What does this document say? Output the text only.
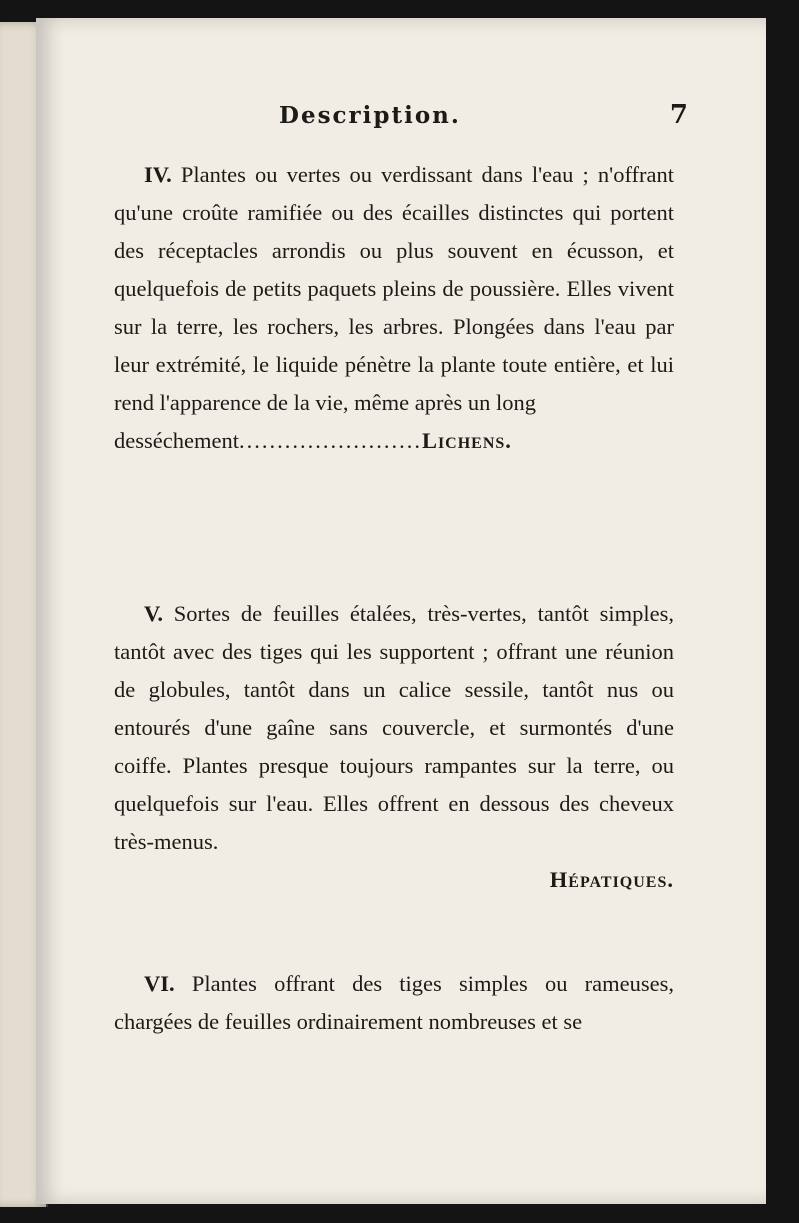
Description.	7
IV. Plantes ou vertes ou verdissant dans l'eau ; n'offrant qu'une croûte ramifiée ou des écailles distinctes qui portent des réceptacles arrondis ou plus souvent en écusson, et quelquefois de petits paquets pleins de poussière. Elles vivent sur la terre, les rochers, les arbres. Plongées dans l'eau par leur extrémité, le liquide pénètre la plante toute entière, et lui rend l'apparence de la vie, même après un long
desséchement........................Lichens.
V. Sortes de feuilles étalées, très-vertes, tantôt simples, tantôt avec des tiges qui les supportent ; offrant une réunion de globules, tantôt dans un calice sessile, tantôt nus ou entourés d'une gaîne sans couvercle, et surmontés d'une coiffe. Plantes presque toujours rampantes sur la terre, ou quelquefois sur l'eau. Elles offrent en dessous des cheveux très-menus.
Hépatiques.
VI. Plantes offrant des tiges simples ou rameuses, chargées de feuilles ordinairement nombreuses et se
